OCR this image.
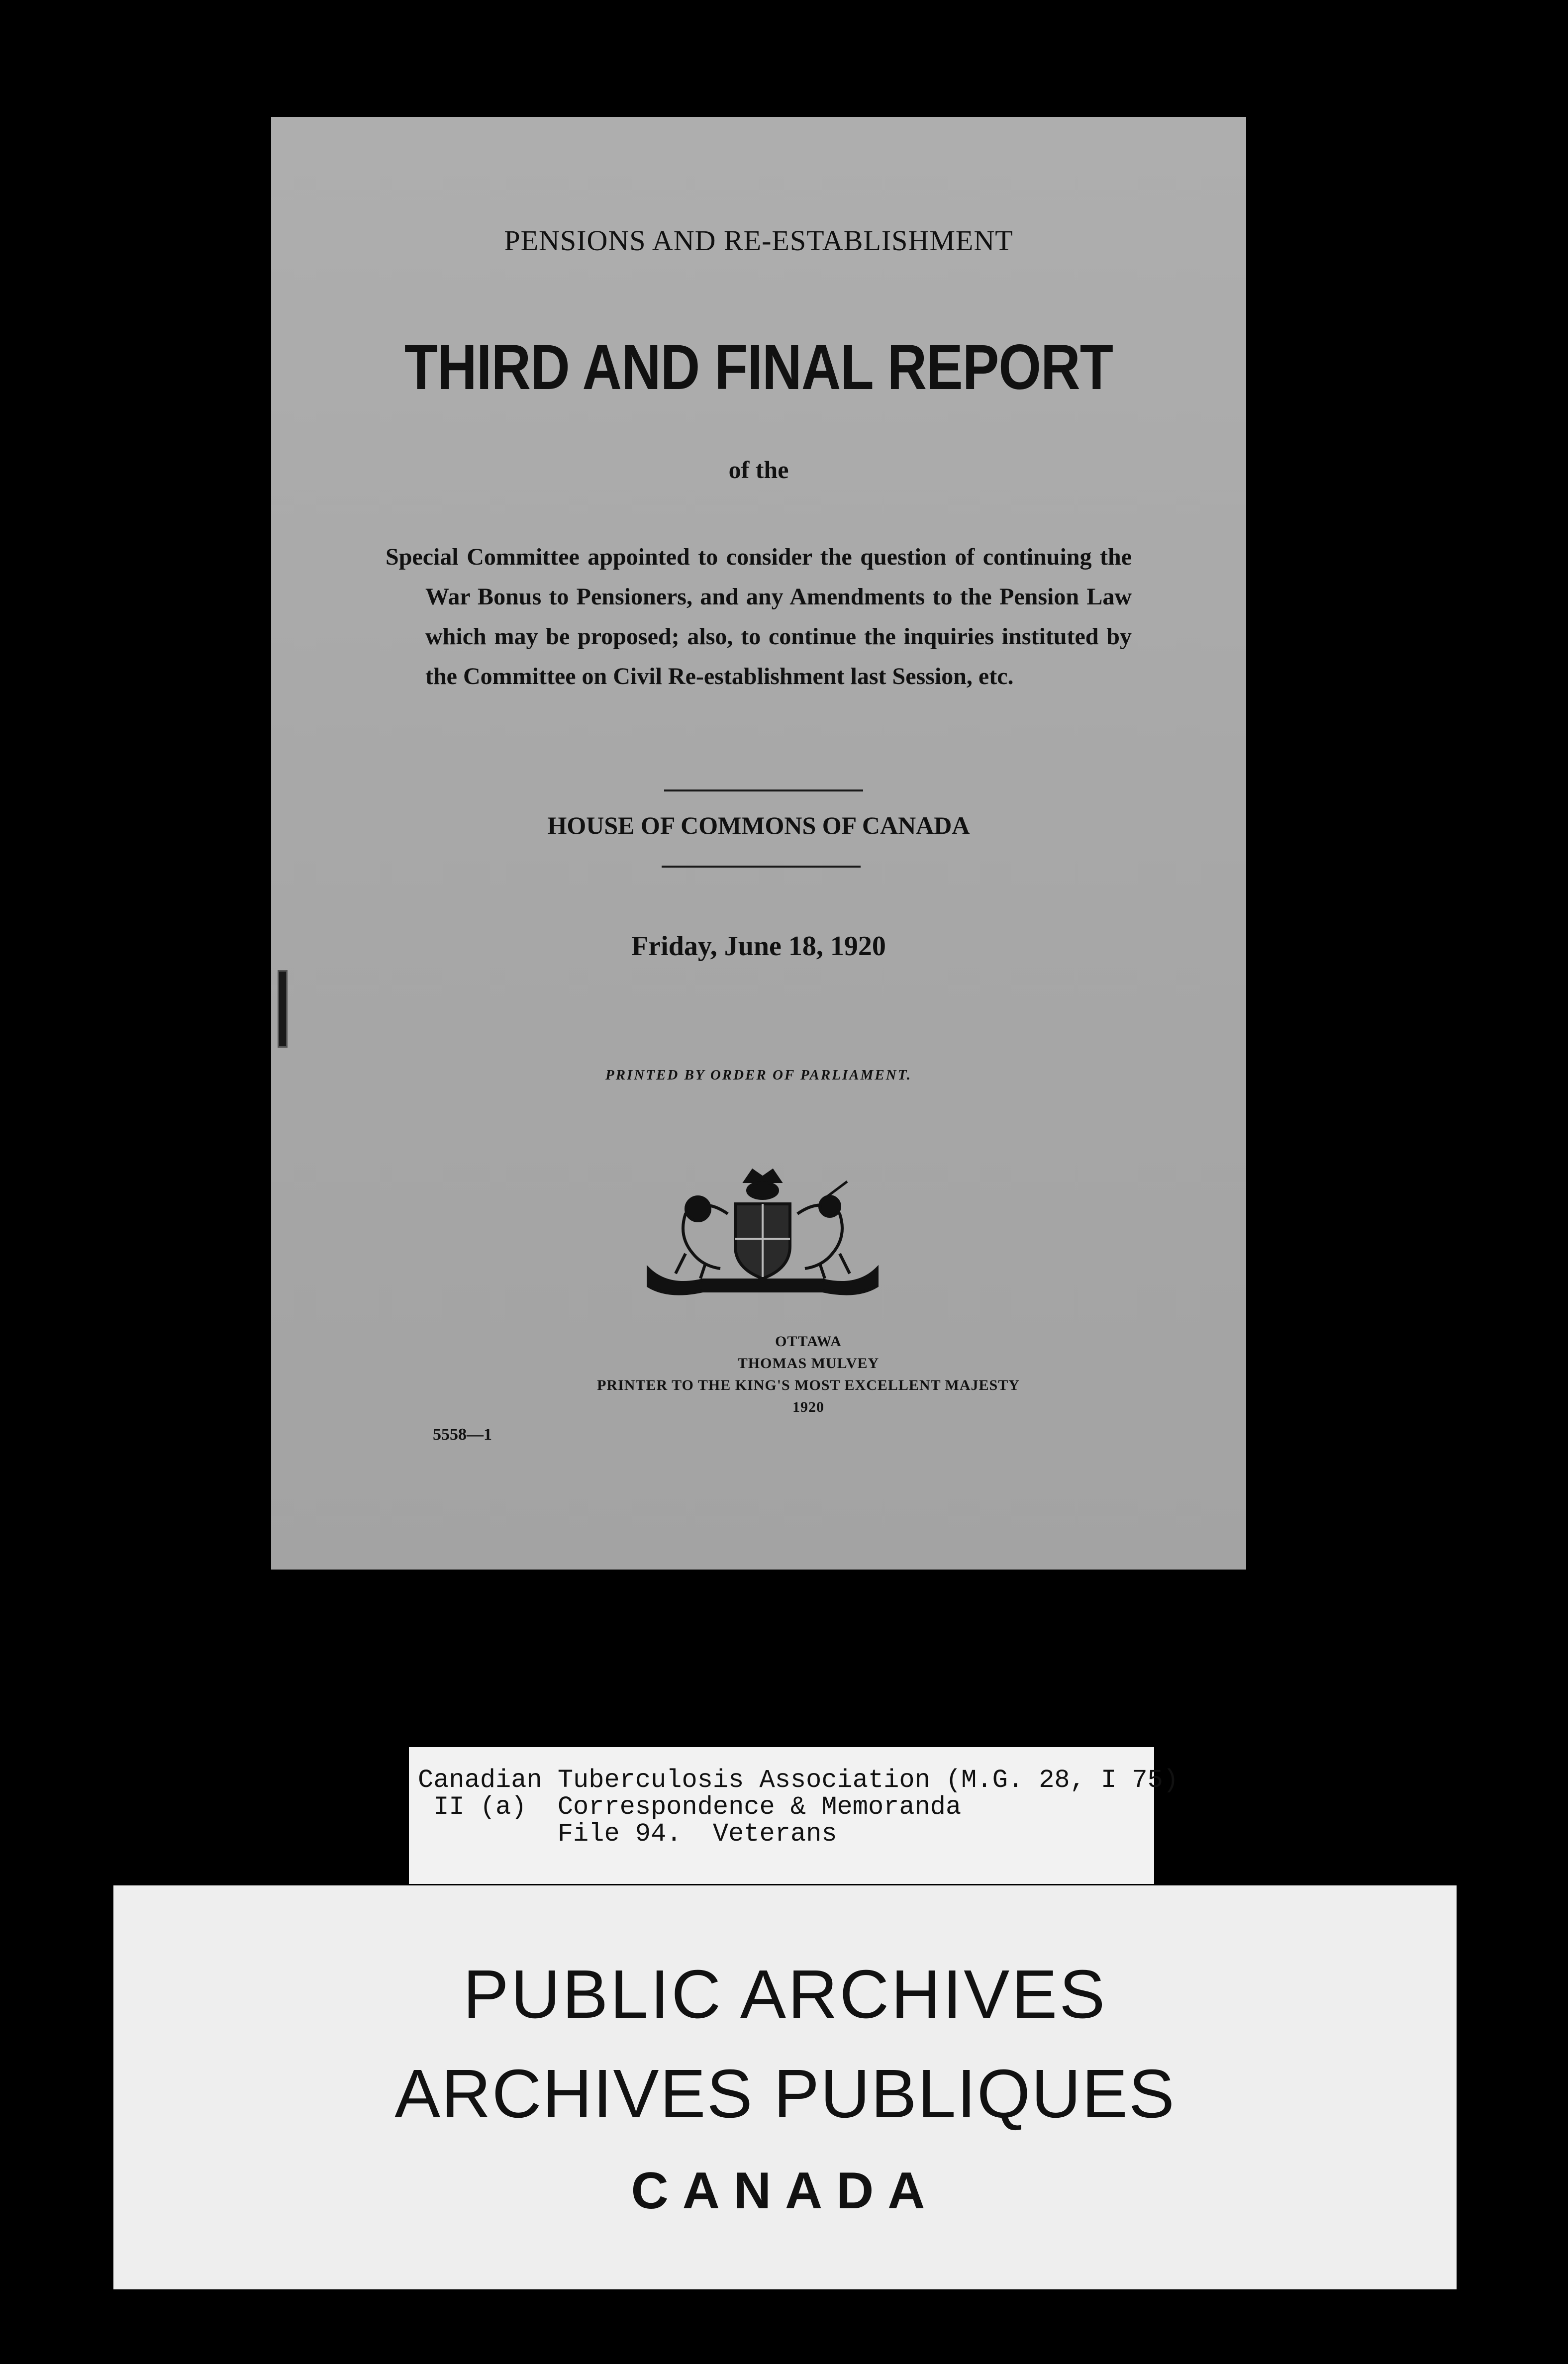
PENSIONS AND RE-ESTABLISHMENT

THIRD AND FINAL REPORT

of the

Special Committee appointed to consider the question of continuing the War Bonus to Pensioners, and any Amendments to the Pension Law which may be proposed; also, to continue the inquiries instituted by the Committee on Civil Re-establishment last Session, etc.

HOUSE OF COMMONS OF CANADA

Friday, June 18, 1920

PRINTED BY ORDER OF PARLIAMENT.

OTTAWA
THOMAS MULVEY
PRINTER TO THE KING'S MOST EXCELLENT MAJESTY
1920

5558—1

Canadian Tuberculosis Association (M.G. 28, I 75)

II (a)  Correspondence & Memoranda

File 94.  Veterans

PUBLIC ARCHIVES

ARCHIVES PUBLIQUES

CANADA
